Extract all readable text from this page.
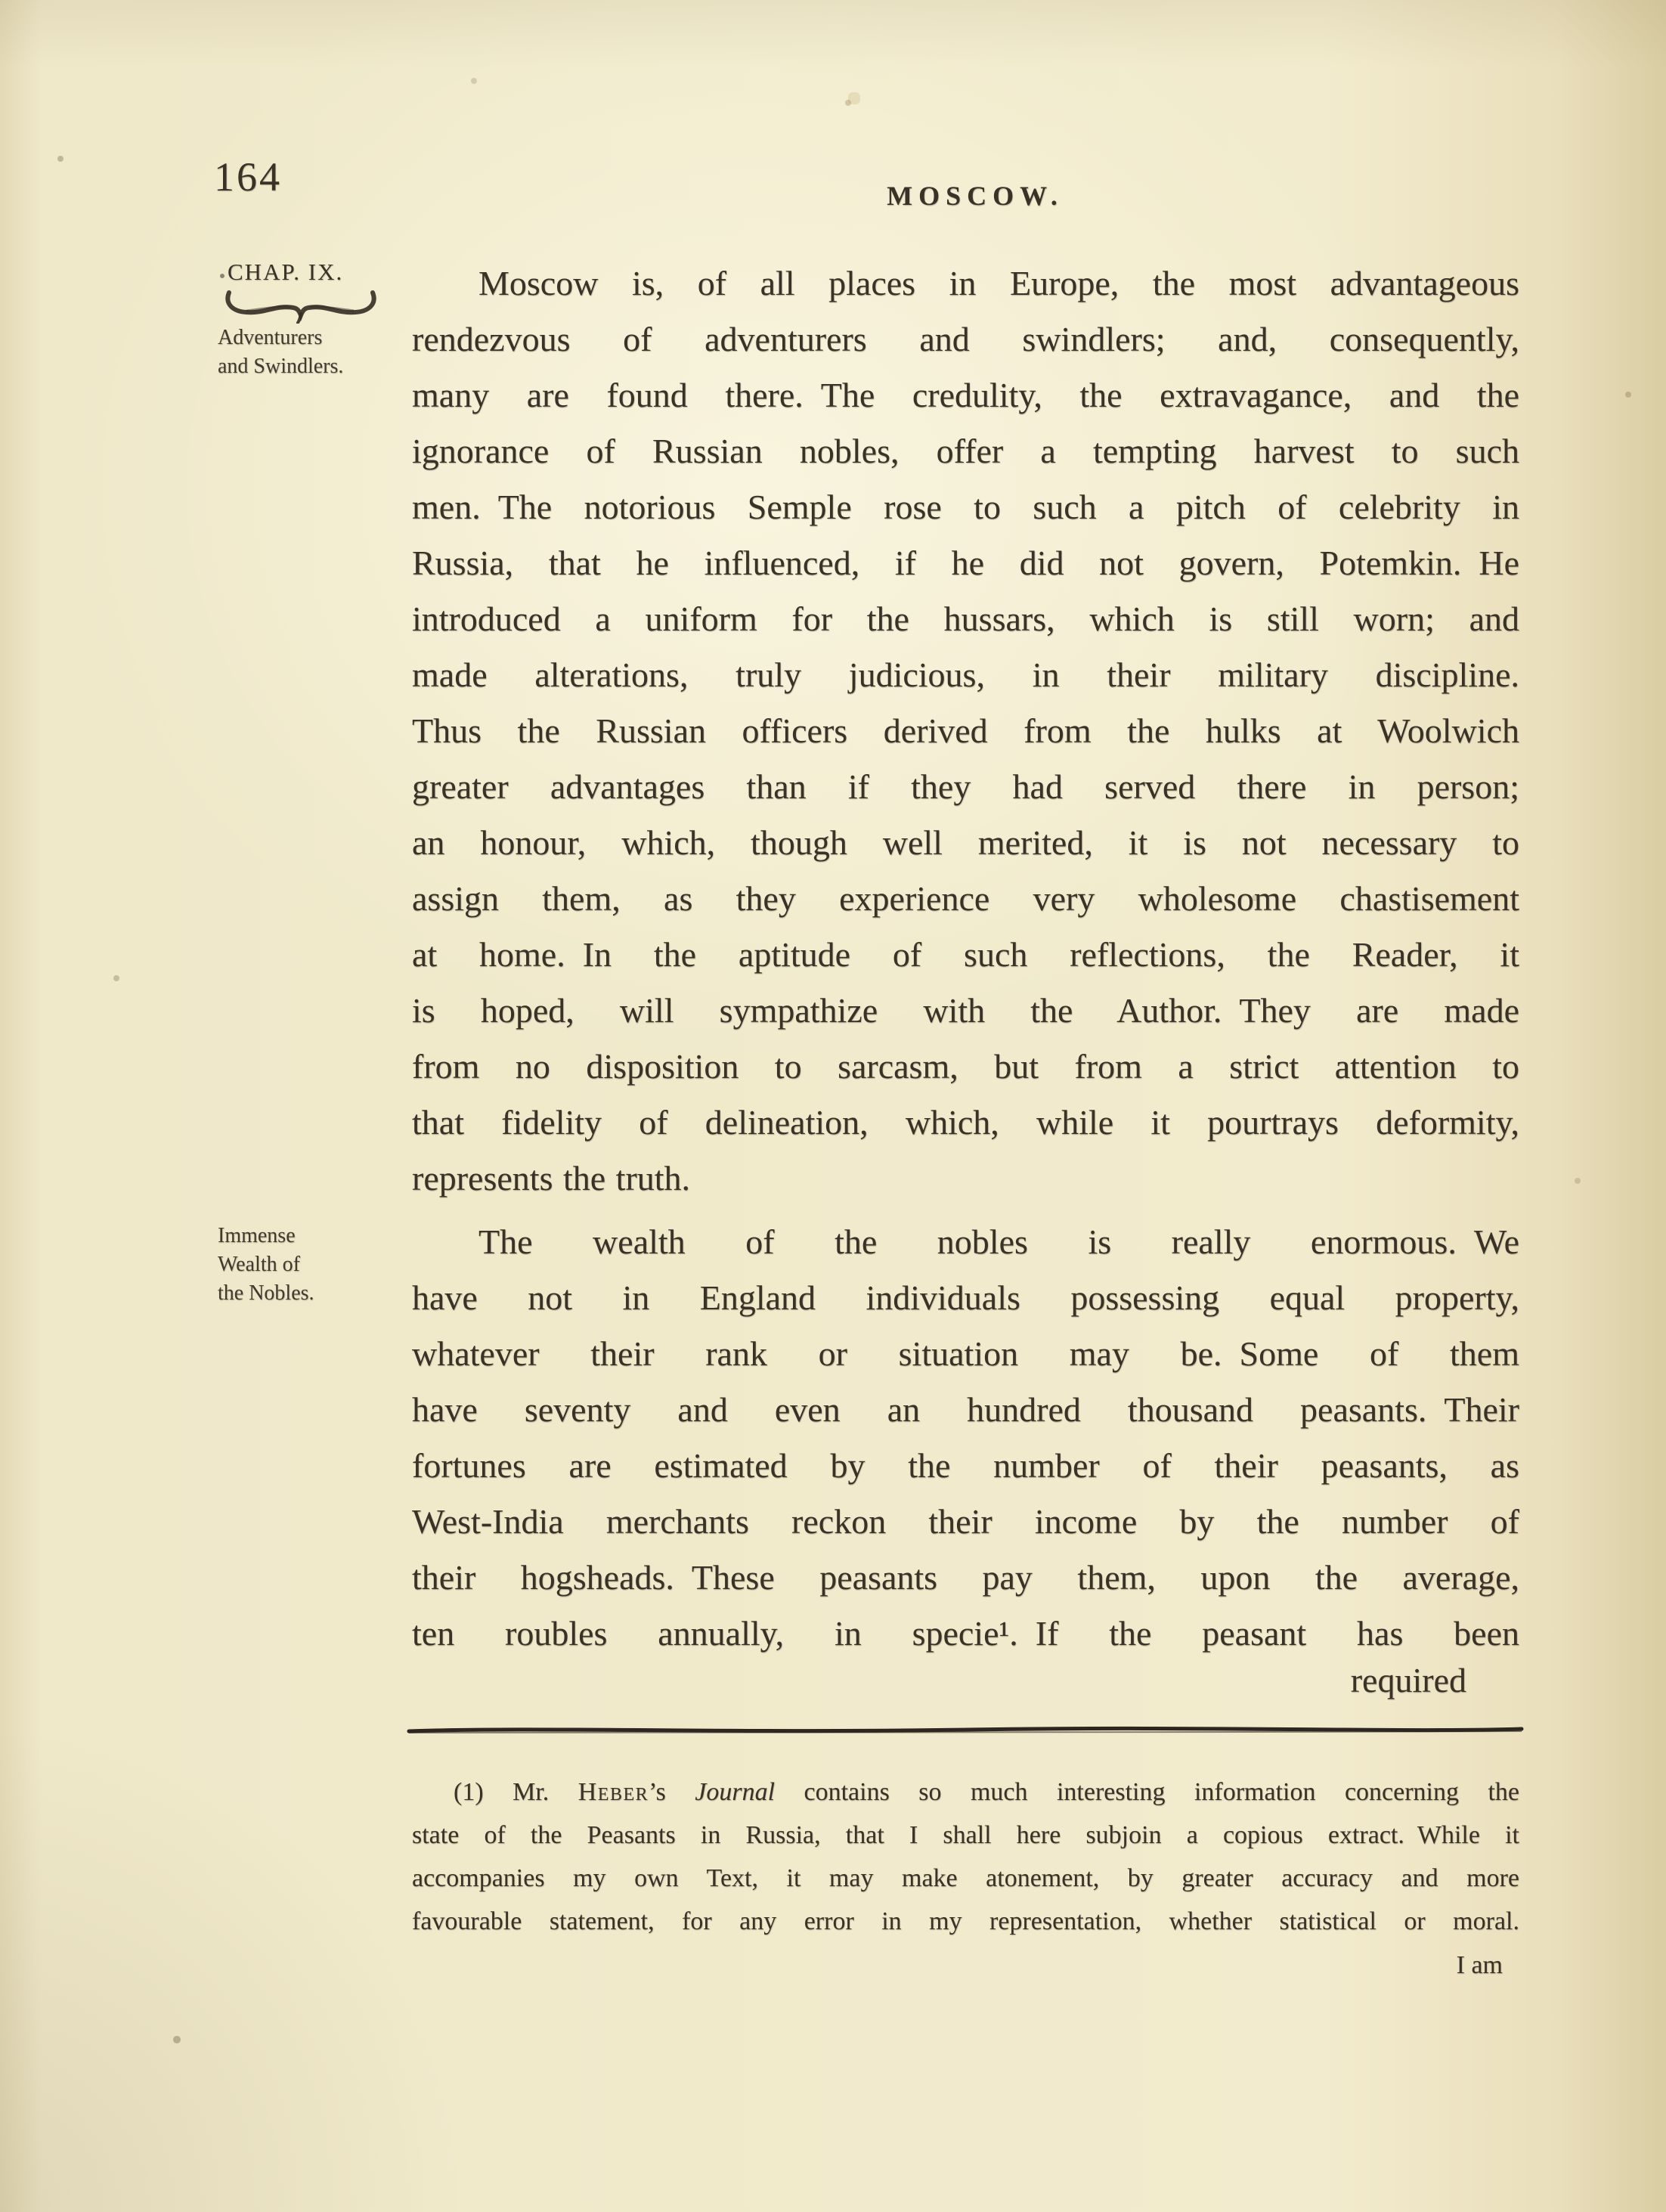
164	MOSCOW.
CHAP. IX.
Adventurers
and Swindlers.
Immense
Wealth of
the Nobles.
Moscow is, of all places in Europe, the most advantageous
rendezvous of adventurers and swindlers; and, consequently,
many are found there. The credulity, the extravagance, and the
ignorance of Russian nobles, offer a tempting harvest to such
men. The notorious Semple rose to such a pitch of celebrity in
Russia, that he influenced, if he did not govern, Potemkin. He
introduced a uniform for the hussars, which is still worn; and
made alterations, truly judicious, in their military discipline.
Thus the Russian officers derived from the hulks at Woolwich
greater advantages than if they had served there in person;
an honour, which, though well merited, it is not necessary to
assign them, as they experience very wholesome chastisement
at home. In the aptitude of such reflections, the Reader, it
is hoped, will sympathize with the Author. They are made
from no disposition to sarcasm, but from a strict attention to
that fidelity of delineation, which, while it pourtrays deformity,
represents the truth.
The wealth of the nobles is really enormous. We
have not in England individuals possessing equal property,
whatever their rank or situation may be. Some of them
have seventy and even an hundred thousand peasants. Their
fortunes are estimated by the number of their peasants, as
West-India merchants reckon their income by the number of
their hogsheads. These peasants pay them, upon the average,
ten roubles annually, in specie¹. If the peasant has been
required
(1) Mr. Heber’s Journal contains so much interesting information concerning the
state of the Peasants in Russia, that I shall here subjoin a copious extract. While it
accompanies my own Text, it may make atonement, by greater accuracy and more
favourable statement, for any error in my representation, whether statistical or moral.
I am
